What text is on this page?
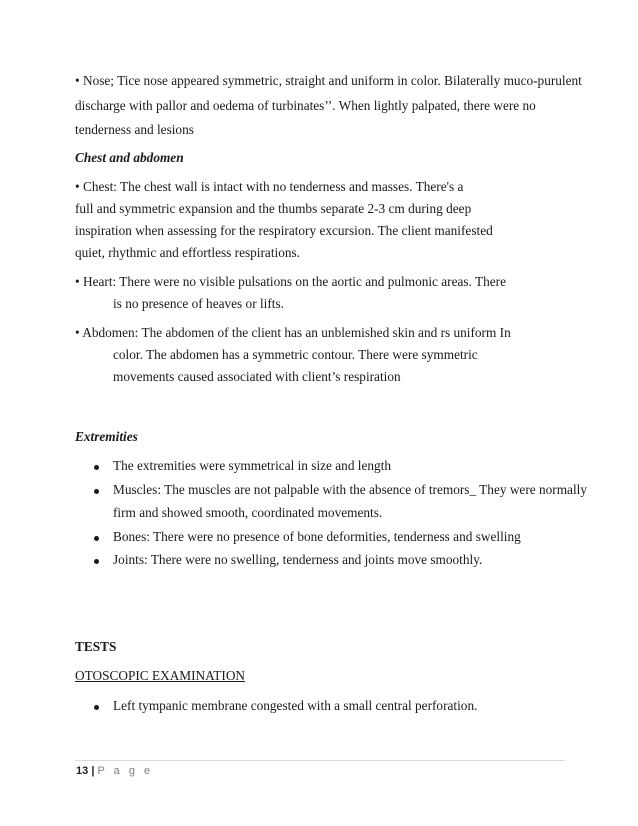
• Nose; Tice nose appeared symmetric, straight and uniform in color. Bilaterally muco-purulent
discharge with pallor and oedema of turbinates’’. When lightly palpated, there were no
tenderness and lesions
Chest and abdomen
• Chest: The chest wall is intact with no tenderness and masses. There's a
full and symmetric expansion and the thumbs separate 2-3 cm during deep
inspiration when assessing for the respiratory excursion. The client manifested
quiet, rhythmic and effortless respirations.
• Heart: There were no visible pulsations on the aortic and pulmonic areas. There
is no presence of heaves or lifts.
• Abdomen: The abdomen of the client has an unblemished skin and rs uniform In
color. The abdomen has a symmetric contour. There were symmetric
movements caused associated with client’s respiration
Extremities
The extremities were symmetrical in size and length
Muscles: The muscles are not palpable with the absence of tremors_ They were normally
firm and showed smooth, coordinated movements.
Bones: There were no presence of bone deformities, tenderness and swelling
Joints: There were no swelling, tenderness and joints move smoothly.
TESTS
OTOSCOPIC EXAMINATION
Left tympanic membrane congested with a small central perforation.
13 | P a g e
